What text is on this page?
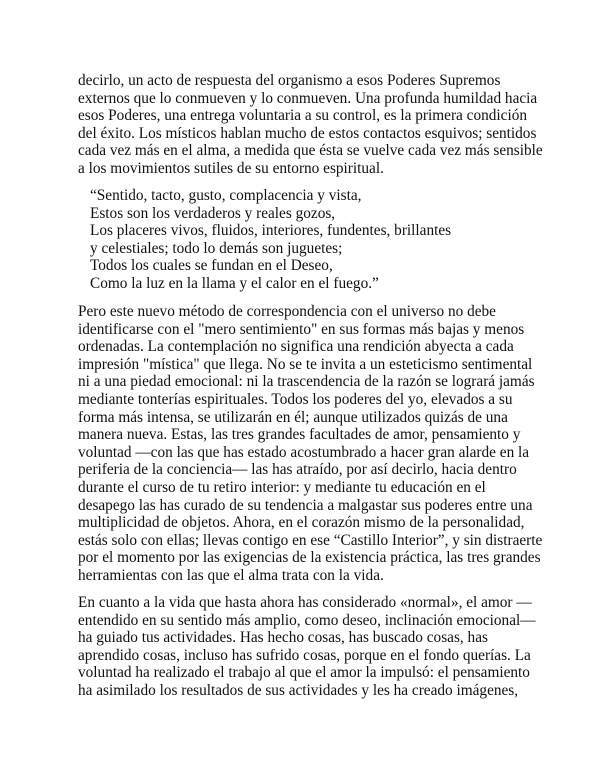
decirlo, un acto de respuesta del organismo a esos Poderes Supremos
externos que lo conmueven y lo conmueven. Una profunda humildad hacia
esos Poderes, una entrega voluntaria a su control, es la primera condición
del éxito. Los místicos hablan mucho de estos contactos esquivos; sentidos
cada vez más en el alma, a medida que ésta se vuelve cada vez más sensible
a los movimientos sutiles de su entorno espiritual.
“Sentido, tacto, gusto, complacencia y vista,
Estos son los verdaderos y reales gozos,
Los placeres vivos, fluidos, interiores, fundentes, brillantes
y celestiales; todo lo demás son juguetes;
Todos los cuales se fundan en el Deseo,
Como la luz en la llama y el calor en el fuego.”
Pero este nuevo método de correspondencia con el universo no debe
identificarse con el "mero sentimiento" en sus formas más bajas y menos
ordenadas. La contemplación no significa una rendición abyecta a cada
impresión "mística" que llega. No se te invita a un esteticismo sentimental
ni a una piedad emocional: ni la trascendencia de la razón se logrará jamás
mediante tonterías espirituales. Todos los poderes del yo, elevados a su
forma más intensa, se utilizarán en él; aunque utilizados quizás de una
manera nueva. Estas, las tres grandes facultades de amor, pensamiento y
voluntad —con las que has estado acostumbrado a hacer gran alarde en la
periferia de la conciencia— las has atraído, por así decirlo, hacia dentro
durante el curso de tu retiro interior: y mediante tu educación en el
desapego las has curado de su tendencia a malgastar sus poderes entre una
multiplicidad de objetos. Ahora, en el corazón mismo de la personalidad,
estás solo con ellas; llevas contigo en ese “Castillo Interior”, y sin distraerte
por el momento por las exigencias de la existencia práctica, las tres grandes
herramientas con las que el alma trata con la vida.
En cuanto a la vida que hasta ahora has considerado «normal», el amor —
entendido en su sentido más amplio, como deseo, inclinación emocional—
ha guiado tus actividades. Has hecho cosas, has buscado cosas, has
aprendido cosas, incluso has sufrido cosas, porque en el fondo querías. La
voluntad ha realizado el trabajo al que el amor la impulsó: el pensamiento
ha asimilado los resultados de sus actividades y les ha creado imágenes,
